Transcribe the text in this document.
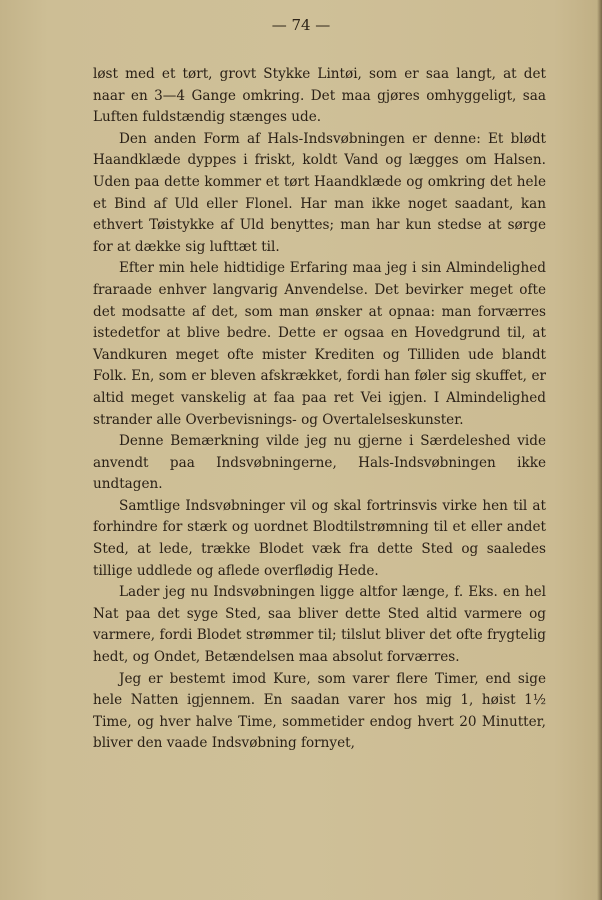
— 74 —

løst med et tørt, grovt Stykke Lintøi, som er saa langt, at det naar en 3—4 Gange omkring. Det maa gjøres omhyggeligt, saa Luften fuldstændig stænges ude.

Den anden Form af Hals-Indsvøbningen er denne: Et blødt Haandklæde dyppes i friskt, koldt Vand og lægges om Halsen. Uden paa dette kommer et tørt Haandklæde og omkring det hele et Bind af Uld eller Flonel. Har man ikke noget saadant, kan ethvert Tøistykke af Uld benyttes; man har kun stedse at sørge for at dække sig lufttæt til.

Efter min hele hidtidige Erfaring maa jeg i sin Almindelighed fraraade enhver langvarig Anvendelse. Det bevirker meget ofte det modsatte af det, som man ønsker at opnaa: man forværres istedetfor at blive bedre. Dette er ogsaa en Hovedgrund til, at Vandkuren meget ofte mister Krediten og Tilliden ude blandt Folk. En, som er bleven afskrækket, fordi han føler sig skuffet, er altid meget vanskelig at faa paa ret Vei igjen. I Almindelighed strander alle Overbevisnings- og Overtalelseskunster.

Denne Bemærkning vilde jeg nu gjerne i Særdeleshed vide anvendt paa Indsvøbningerne, Hals-Indsvøbningen ikke undtagen.

Samtlige Indsvøbninger vil og skal fortrinsvis virke hen til at forhindre for stærk og uordnet Blodtilstrømning til et eller andet Sted, at lede, trække Blodet væk fra dette Sted og saaledes tillige uddlede og aflede overflødig Hede.

Lader jeg nu Indsvøbningen ligge altfor længe, f. Eks. en hel Nat paa det syge Sted, saa bliver dette Sted altid varmere og varmere, fordi Blodet strømmer til; tilslut bliver det ofte frygtelig hedt, og Ondet, Betændelsen maa absolut forværres.

Jeg er bestemt imod Kure, som varer flere Timer, end sige hele Natten igjennem. En saadan varer hos mig 1, høist 1½ Time, og hver halve Time, sommetider endog hvert 20 Minutter, bliver den vaade Indsvøbning fornyet,
